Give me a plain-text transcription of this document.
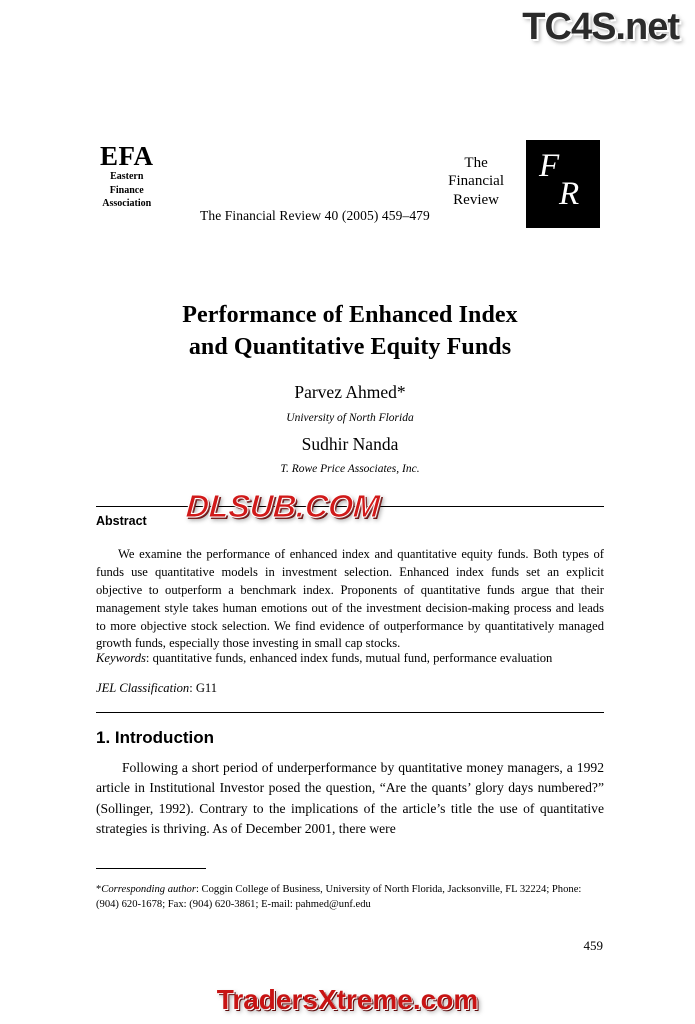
TC4S.net
EFA
Eastern
Finance
Association
The Financial Review 40 (2005) 459–479
The
Financial
Review
F
R
Performance of Enhanced Index
and Quantitative Equity Funds
Parvez Ahmed*
University of North Florida
Sudhir Nanda
T. Rowe Price Associates, Inc.
Abstract
We examine the performance of enhanced index and quantitative equity funds. Both types of funds use quantitative models in investment selection. Enhanced index funds set an explicit objective to outperform a benchmark index. Proponents of quantitative funds argue that their management style takes human emotions out of the investment decision-making process and leads to more objective stock selection. We find evidence of outperformance by quantitatively managed growth funds, especially those investing in small cap stocks.
Keywords: quantitative funds, enhanced index funds, mutual fund, performance evaluation
JEL Classification: G11
1. Introduction
Following a short period of underperformance by quantitative money managers, a 1992 article in Institutional Investor posed the question, “Are the quants’ glory days numbered?” (Sollinger, 1992). Contrary to the implications of the article’s title the use of quantitative strategies is thriving. As of December 2001, there were
*Corresponding author: Coggin College of Business, University of North Florida, Jacksonville, FL 32224; Phone: (904) 620-1678; Fax: (904) 620-3861; E-mail: pahmed@unf.edu
459
DLSUB.COM
TradersXtreme.com
